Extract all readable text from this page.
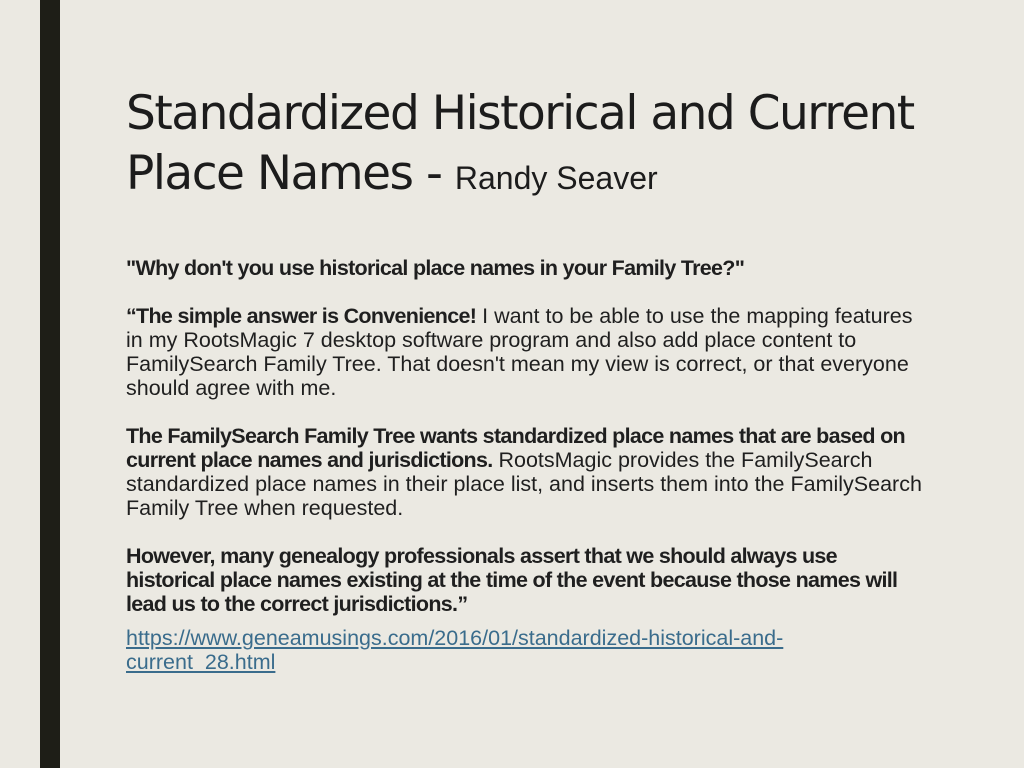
Standardized Historical and Current Place Names - Randy Seaver

"Why don't you use historical place names in your Family Tree?"

“The simple answer is Convenience! I want to be able to use the mapping features in my RootsMagic 7 desktop software program and also add place content to FamilySearch Family Tree. That doesn't mean my view is correct, or that everyone should agree with me.

The FamilySearch Family Tree wants standardized place names that are based on current place names and jurisdictions. RootsMagic provides the FamilySearch standardized place names in their place list, and inserts them into the FamilySearch Family Tree when requested.

However, many genealogy professionals assert that we should always use historical place names existing at the time of the event because those names will lead us to the correct jurisdictions.”

https://www.geneamusings.com/2016/01/standardized-historical-and-current_28.html
